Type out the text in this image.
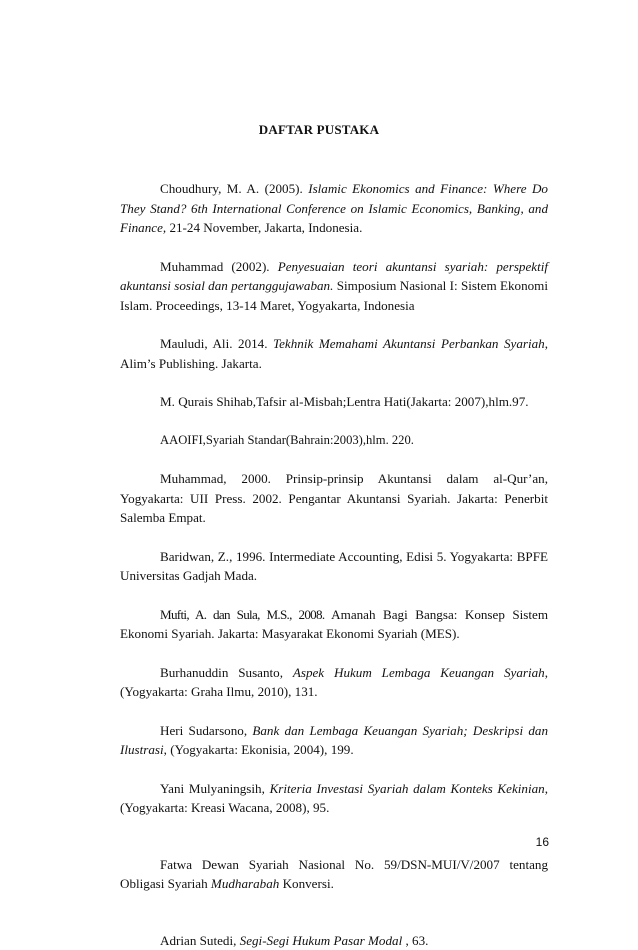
DAFTAR PUSTAKA

Choudhury, M. A. (2005). Islamic Ekonomics and Finance: Where Do They Stand? 6th International Conference on Islamic Economics, Banking, and Finance, 21-24 November, Jakarta, Indonesia.

Muhammad (2002). Penyesuaian teori akuntansi syariah: perspektif akuntansi sosial dan pertanggujawaban. Simposium Nasional I: Sistem Ekonomi Islam. Proceedings, 13-14 Maret, Yogyakarta, Indonesia

Mauludi, Ali. 2014. Tekhnik Memahami Akuntansi Perbankan Syariah, Alim’s Publishing. Jakarta.

M. Qurais Shihab,Tafsir al-Misbah;Lentra Hati(Jakarta: 2007),hlm.97.

AAOIFI,Syariah Standar(Bahrain:2003),hlm. 220.

Muhammad, 2000. Prinsip-prinsip Akuntansi dalam al-Qur’an, Yogyakarta: UII Press. 2002. Pengantar Akuntansi Syariah. Jakarta: Penerbit Salemba Empat.

Baridwan, Z., 1996. Intermediate Accounting, Edisi 5. Yogyakarta: BPFE Universitas Gadjah Mada.

Mufti, A. dan Sula, M.S., 2008. Amanah Bagi Bangsa: Konsep Sistem Ekonomi Syariah. Jakarta: Masyarakat Ekonomi Syariah (MES).

Burhanuddin Susanto, Aspek Hukum Lembaga Keuangan Syariah, (Yogyakarta: Graha Ilmu, 2010), 131.

Heri Sudarsono, Bank dan Lembaga Keuangan Syariah; Deskripsi dan Ilustrasi, (Yogyakarta: Ekonisia, 2004), 199.

Yani Mulyaningsih, Kriteria Investasi Syariah dalam Konteks Kekinian, (Yogyakarta: Kreasi Wacana, 2008), 95.

Fatwa Dewan Syariah Nasional No. 59/DSN-MUI/V/2007 tentang Obligasi Syariah Mudharabah Konversi.

Adrian Sutedi, Segi-Segi Hukum Pasar Modal , 63.

16
